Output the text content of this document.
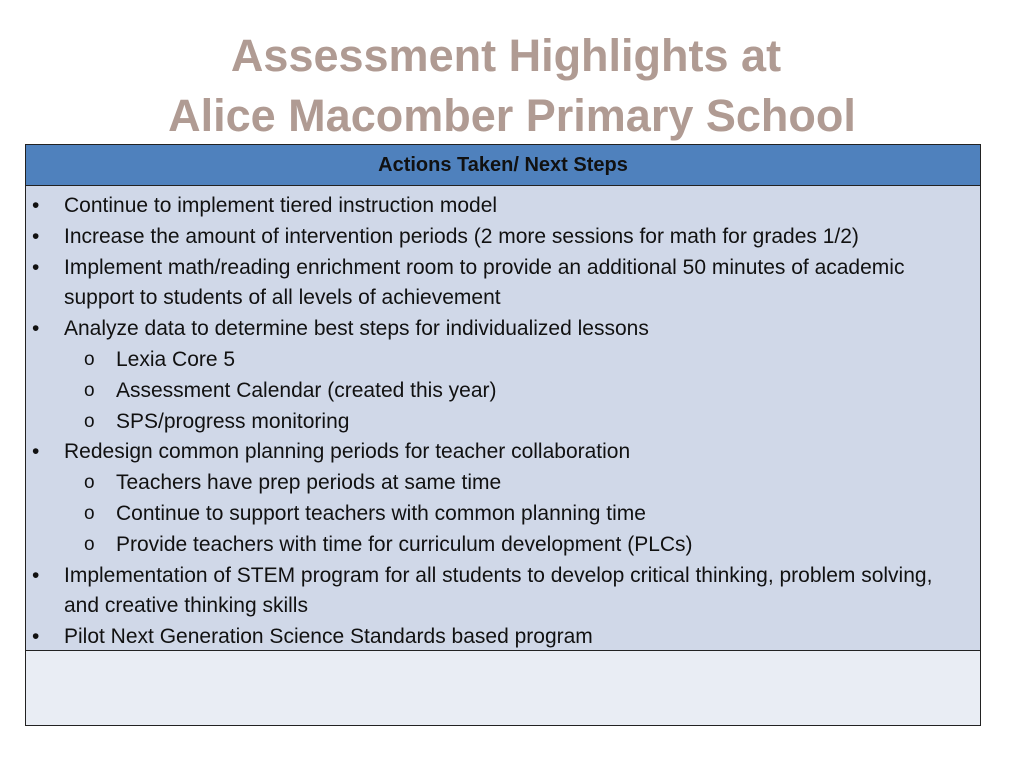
Assessment Highlights at
Alice Macomber Primary School
Actions Taken/ Next Steps
• Continue to implement tiered instruction model
• Increase the amount of intervention periods (2 more sessions for math for grades 1/2)
• Implement math/reading enrichment room to provide an additional 50 minutes of academic support to students of all levels of achievement
• Analyze data to determine best steps for individualized lessons
o Lexia Core 5
o Assessment Calendar (created this year)
o SPS/progress monitoring
• Redesign common planning periods for teacher collaboration
o Teachers have prep periods at same time
o Continue to support teachers with common planning time
o Provide teachers with time for curriculum development (PLCs)
• Implementation of STEM program for all students to develop critical thinking, problem solving, and creative thinking skills
• Pilot Next Generation Science Standards based program
